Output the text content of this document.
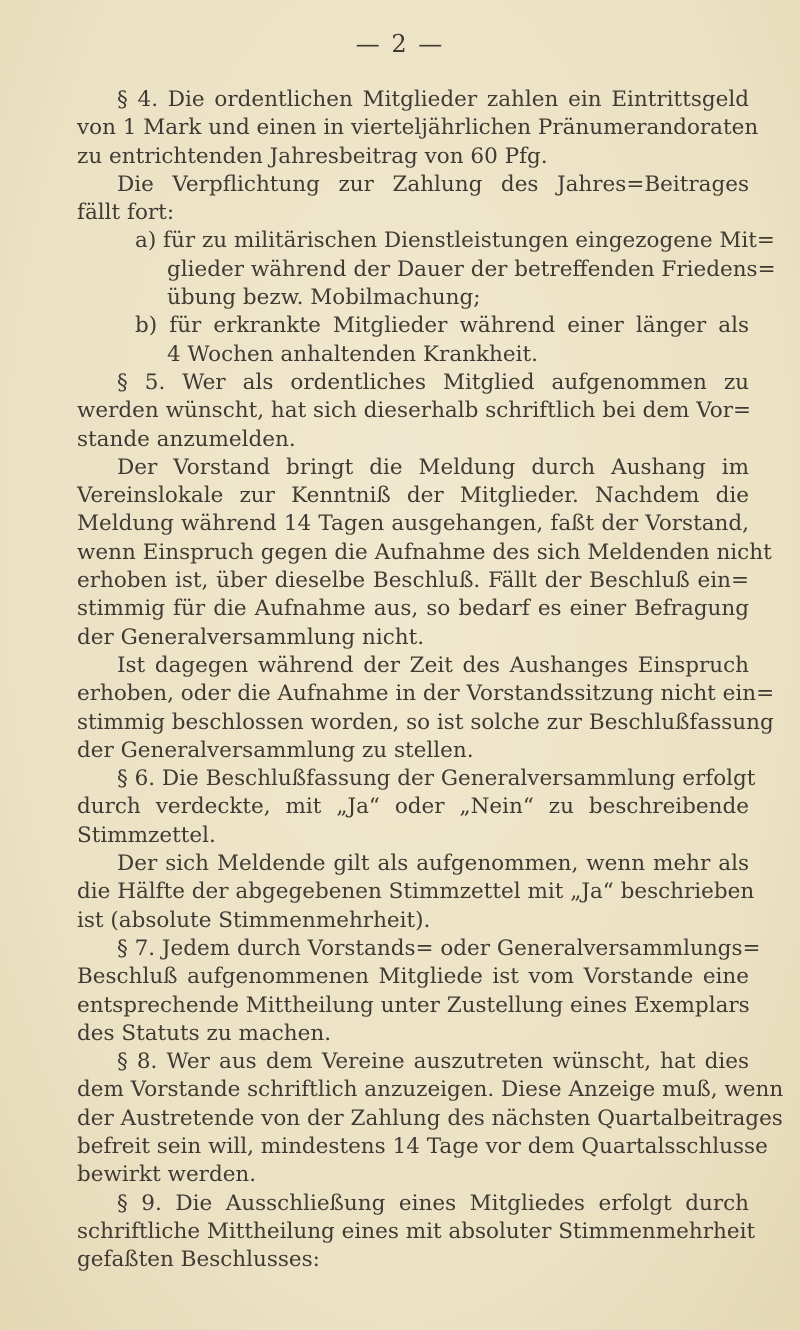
— 2 —
§ 4. Die ordentlichen Mitglieder zahlen ein Eintrittsgeld
von 1 Mark und einen in vierteljährlichen Pränumerandoraten
zu entrichtenden Jahresbeitrag von 60 Pfg.
Die Verpflichtung zur Zahlung des Jahres=Beitrages
fällt fort:
a) für zu militärischen Dienstleistungen eingezogene Mit=
glieder während der Dauer der betreffenden Friedens=
übung bezw. Mobilmachung;
b) für erkrankte Mitglieder während einer länger als
4 Wochen anhaltenden Krankheit.
§ 5. Wer als ordentliches Mitglied aufgenommen zu
werden wünscht, hat sich dieserhalb schriftlich bei dem Vor=
stande anzumelden.
Der Vorstand bringt die Meldung durch Aushang im
Vereinslokale zur Kenntniß der Mitglieder. Nachdem die
Meldung während 14 Tagen ausgehangen, faßt der Vorstand,
wenn Einspruch gegen die Aufnahme des sich Meldenden nicht
erhoben ist, über dieselbe Beschluß. Fällt der Beschluß ein=
stimmig für die Aufnahme aus, so bedarf es einer Befragung
der Generalversammlung nicht.
Ist dagegen während der Zeit des Aushanges Einspruch
erhoben, oder die Aufnahme in der Vorstandssitzung nicht ein=
stimmig beschlossen worden, so ist solche zur Beschlußfassung
der Generalversammlung zu stellen.
§ 6. Die Beschlußfassung der Generalversammlung erfolgt
durch verdeckte, mit „Ja“ oder „Nein“ zu beschreibende
Stimmzettel.
Der sich Meldende gilt als aufgenommen, wenn mehr als
die Hälfte der abgegebenen Stimmzettel mit „Ja“ beschrieben
ist (absolute Stimmenmehrheit).
§ 7. Jedem durch Vorstands= oder Generalversammlungs=
Beschluß aufgenommenen Mitgliede ist vom Vorstande eine
entsprechende Mittheilung unter Zustellung eines Exemplars
des Statuts zu machen.
§ 8. Wer aus dem Vereine auszutreten wünscht, hat dies
dem Vorstande schriftlich anzuzeigen. Diese Anzeige muß, wenn
der Austretende von der Zahlung des nächsten Quartalbeitrages
befreit sein will, mindestens 14 Tage vor dem Quartalsschlusse
bewirkt werden.
§ 9. Die Ausschließung eines Mitgliedes erfolgt durch
schriftliche Mittheilung eines mit absoluter Stimmenmehrheit
gefaßten Beschlusses:
